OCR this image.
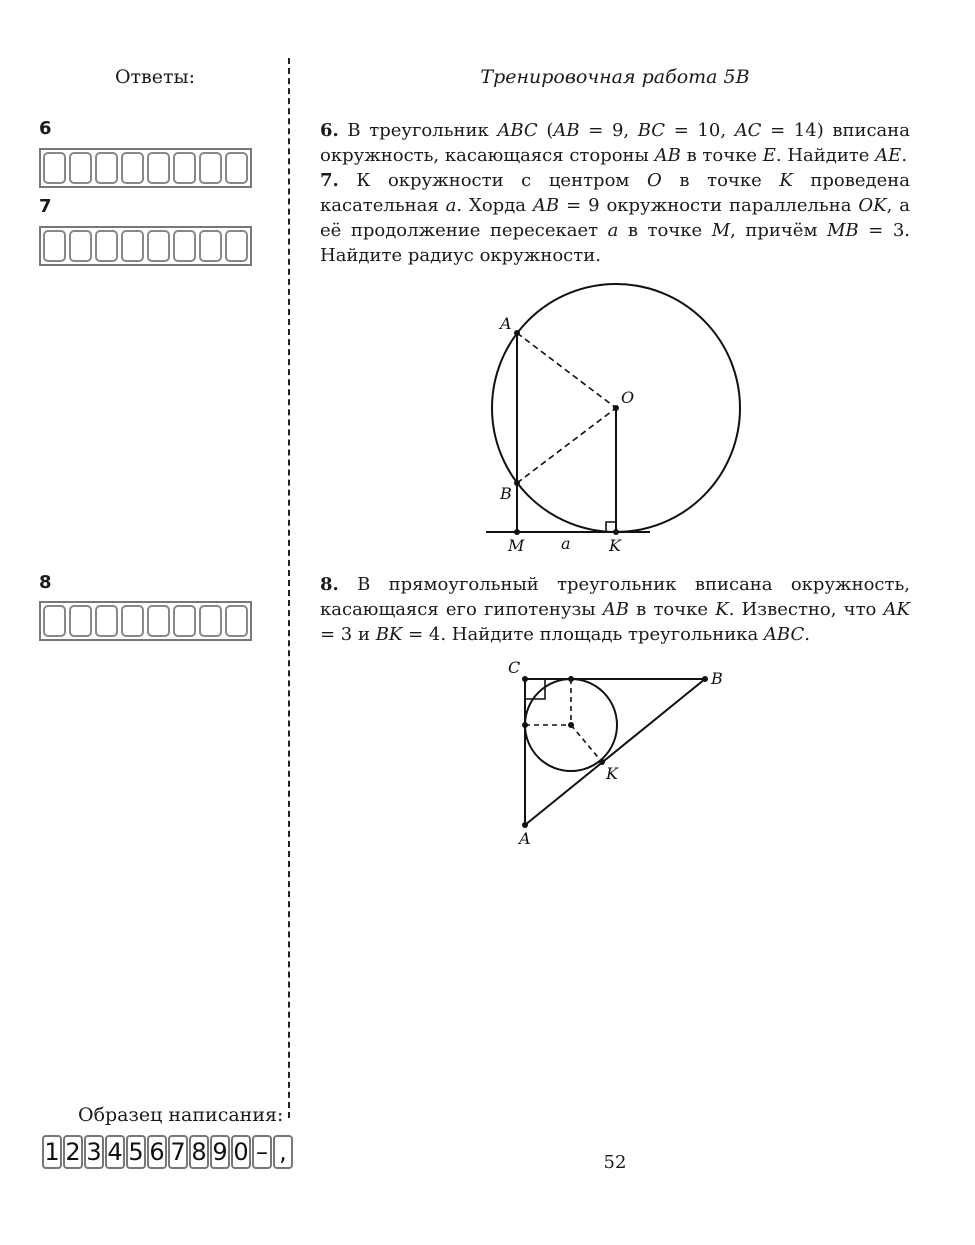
Ответы:	Тренировочная работа 5В
6
7
8
6. В треугольник ABC (AB = 9, BC = 10, AC = 14) вписана окружность, касающаяся стороны AB в точке E. Найдите AE.
7. К окружности с центром O в точке K проведена касательная a. Хорда AB = 9 окружности параллельна OK, а её продолжение пересекает a в точке M, причём MB = 3. Найдите радиус окружности.
A
O
B
M a K
8. В прямоугольный треугольник вписана окружность, касающаяся его гипотенузы AB в точке K. Известно, что AK = 3 и BK = 4. Найдите площадь треугольника ABC.
C
B
K
A
Образец написания:
1 2 3 4 5 6 7 8 9 0 – ,	52
